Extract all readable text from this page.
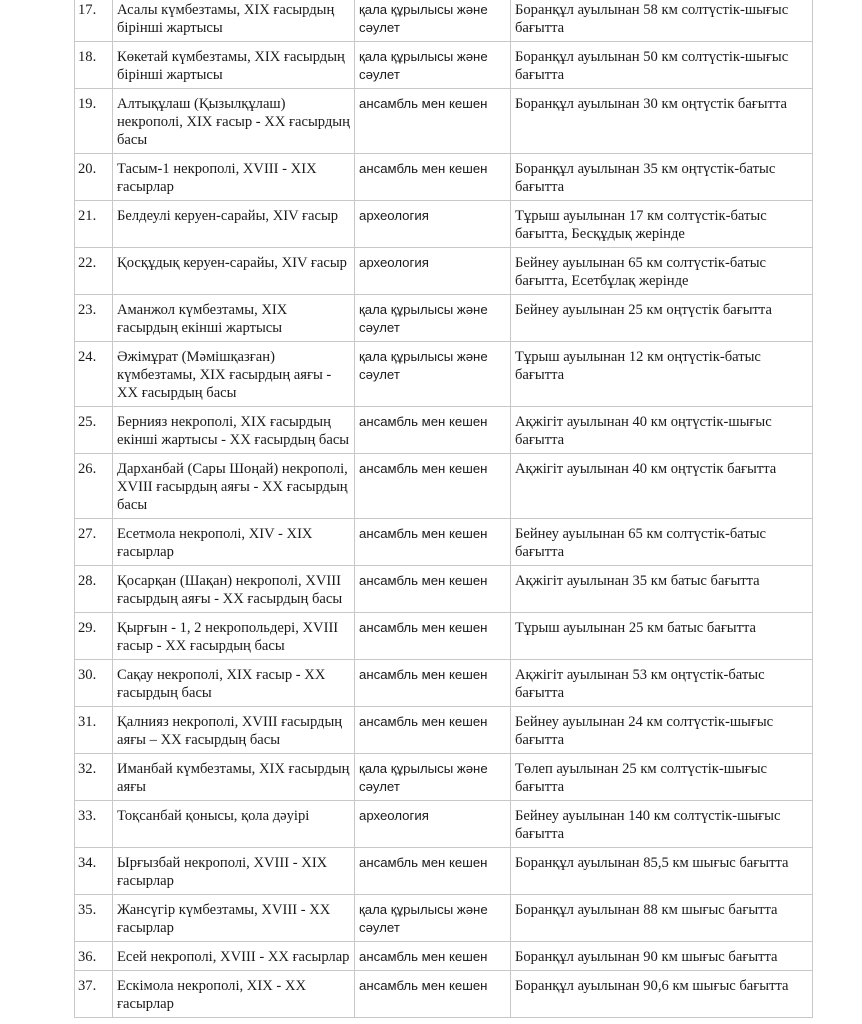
17.	Асалы күмбезтамы, XIX ғасырдың бірінші жартысы	қала құрылысы және сәулет	Боранқұл ауылынан 58 км солтүстік-шығыс бағытта
18.	Көкетай күмбезтамы, XIX ғасырдың бірінші жартысы	қала құрылысы және сәулет	Боранқұл ауылынан 50 км солтүстік-шығыс бағытта
19.	Алтықұлаш (Қызылқұлаш) некрополі, XIX ғасыр - XX ғасырдың басы	ансамбль мен кешен	Боранқұл ауылынан 30 км оңтүстік бағытта
20.	Тасым-1 некрополі, XVIII - XIX ғасырлар	ансамбль мен кешен	Боранқұл ауылынан 35 км оңтүстік-батыс бағытта
21.	Белдеулі керуен-сарайы, XIV ғасыр	археология	Тұрыш ауылынан 17 км солтүстік-батыс бағытта, Бесқұдық жерінде
22.	Қосқұдық керуен-сарайы, XIV ғасыр	археология	Бейнеу ауылынан 65 км солтүстік-батыс бағытта, Есетбұлақ жерінде
23.	Аманжол күмбезтамы, XIX ғасырдың екінші жартысы	қала құрылысы және сәулет	Бейнеу ауылынан 25 км оңтүстік бағытта
24.	Әжімұрат (Мәмішқазған) күмбезтамы, XIX ғасырдың аяғы - XX ғасырдың басы	қала құрылысы және сәулет	Тұрыш ауылынан 12 км оңтүстік-батыс бағытта
25.	Бернияз некрополі, XIX ғасырдың екінші жартысы - XX ғасырдың басы	ансамбль мен кешен	Ақжігіт ауылынан 40 км оңтүстік-шығыс бағытта
26.	Дарханбай (Сары Шоңай) некрополі, XVIII ғасырдың аяғы - XX ғасырдың басы	ансамбль мен кешен	Ақжігіт ауылынан 40 км оңтүстік бағытта
27.	Есетмола некрополі, XIV - XIX ғасырлар	ансамбль мен кешен	Бейнеу ауылынан 65 км солтүстік-батыс бағытта
28.	Қосарқан (Шақан) некрополі, XVIII ғасырдың аяғы - XX ғасырдың басы	ансамбль мен кешен	Ақжігіт ауылынан 35 км батыс бағытта
29.	Қырғын - 1, 2 некропольдері, XVIII ғасыр - XX ғасырдың басы	ансамбль мен кешен	Тұрыш ауылынан 25 км батыс бағытта
30.	Сақау некрополі, XIX ғасыр - XX ғасырдың басы	ансамбль мен кешен	Ақжігіт ауылынан 53 км оңтүстік-батыс бағытта
31.	Қалнияз некрополі, XVIII ғасырдың аяғы – XX ғасырдың басы	ансамбль мен кешен	Бейнеу ауылынан 24 км солтүстік-шығыс бағытта
32.	Иманбай күмбезтамы, XIX ғасырдың аяғы	қала құрылысы және сәулет	Төлеп ауылынан 25 км солтүстік-шығыс бағытта
33.	Тоқсанбай қонысы, қола дәуірі	археология	Бейнеу ауылынан 140 км солтүстік-шығыс бағытта
34.	Ырғызбай некрополі, XVIII - XIX ғасырлар	ансамбль мен кешен	Боранқұл ауылынан 85,5 км шығыс бағытта
35.	Жансүгір күмбезтамы, XVIII - XX ғасырлар	қала құрылысы және сәулет	Боранқұл ауылынан 88 км шығыс бағытта
36.	Есей некрополі, XVIII - XX ғасырлар	ансамбль мен кешен	Боранқұл ауылынан 90 км шығыс бағытта
37.	Ескімола некрополі, XIX - XX ғасырлар	ансамбль мен кешен	Боранқұл ауылынан 90,6 км шығыс бағытта
